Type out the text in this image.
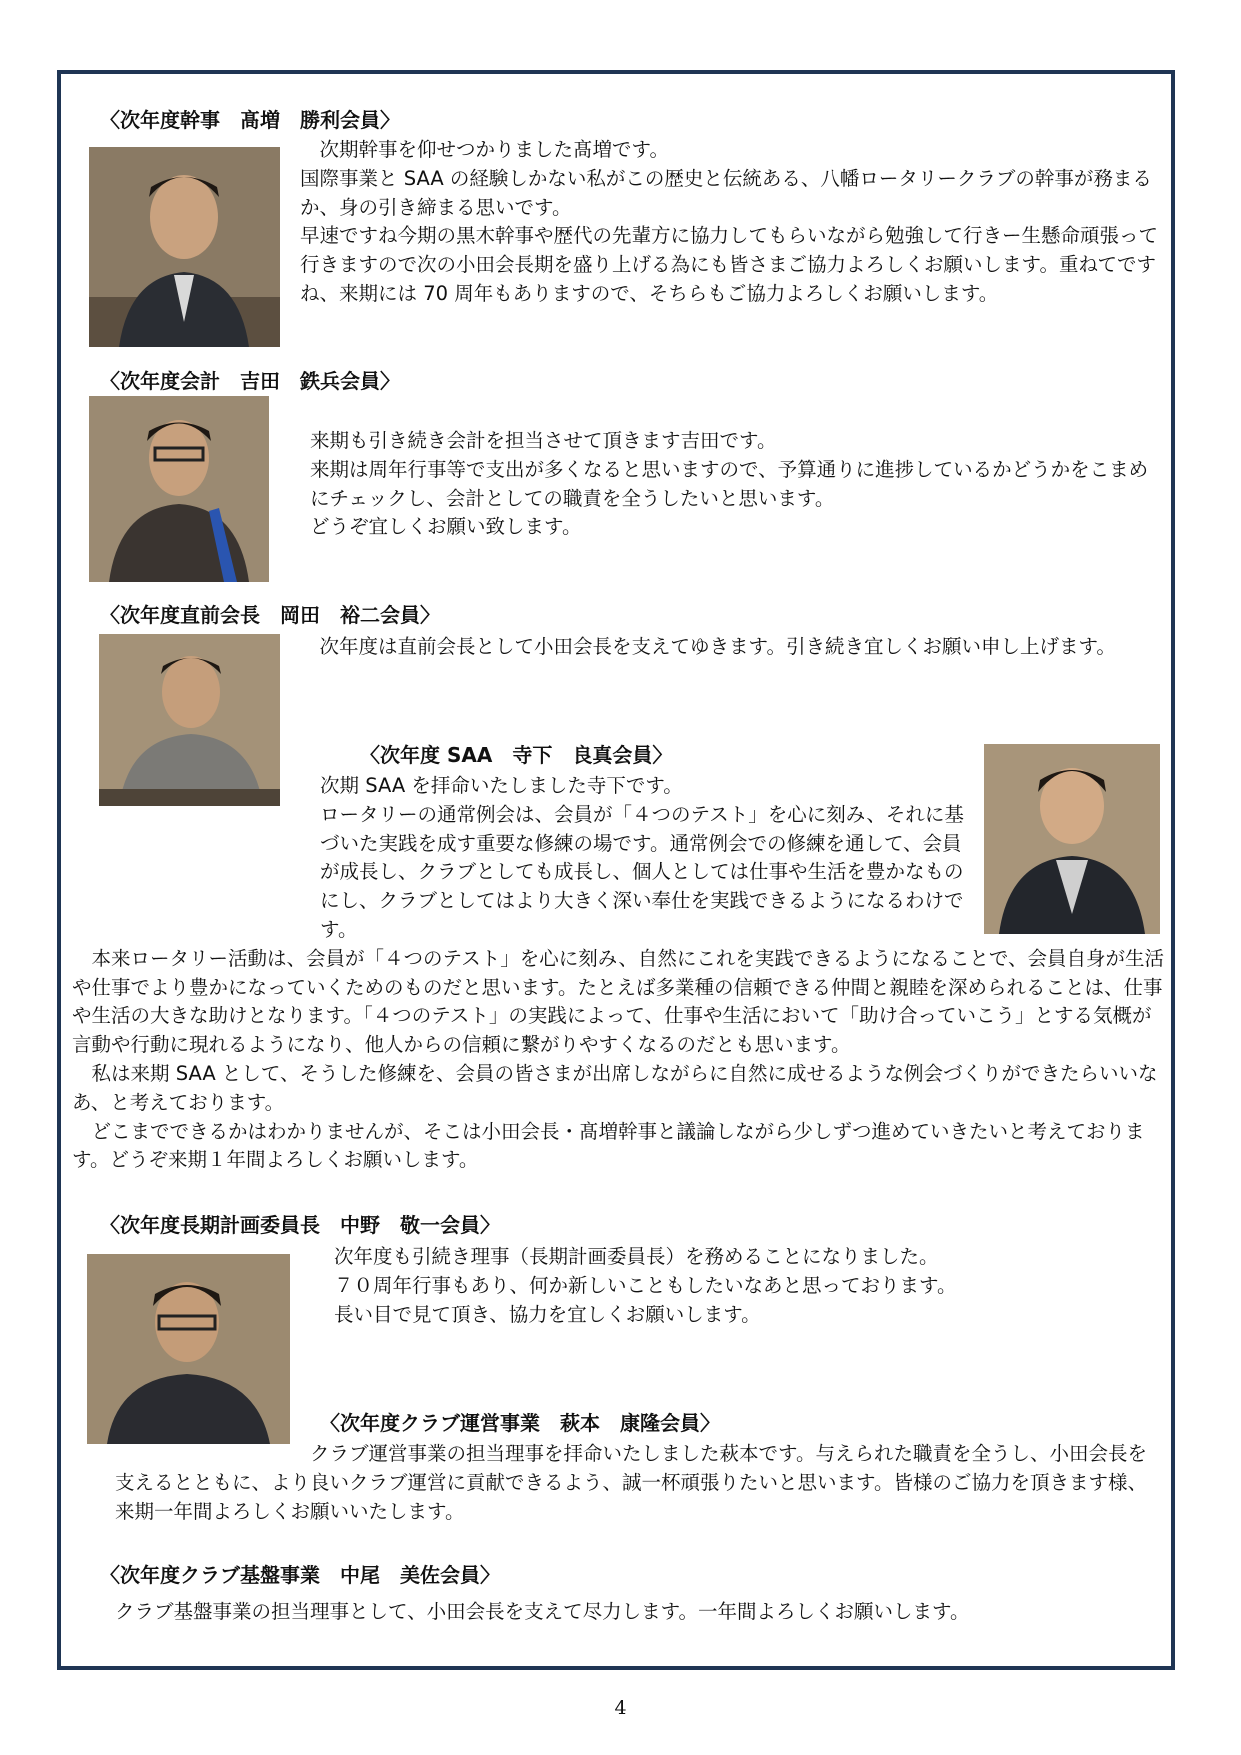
〈次年度幹事　髙増　勝利会員〉

次期幹事を仰せつかりました髙増です。

国際事業と SAA の経験しかない私がこの歴史と伝統ある、八幡ロータリークラブの幹事が務まるか、身の引き締まる思いです。

早速ですね今期の黒木幹事や歴代の先輩方に協力してもらいながら勉強して行きー生懸命頑張って行きますので次の小田会長期を盛り上げる為にも皆さまご協力よろしくお願いします。重ねてですね、来期には 70 周年もありますので、そちらもご協力よろしくお願いします。

〈次年度会計　吉田　鉄兵会員〉

来期も引き続き会計を担当させて頂きます吉田です。

来期は周年行事等で支出が多くなると思いますので、予算通りに進捗しているかどうかをこまめにチェックし、会計としての職責を全うしたいと思います。

どうぞ宜しくお願い致します。

〈次年度直前会長　岡田　裕二会員〉

次年度は直前会長として小田会長を支えてゆきます。引き続き宜しくお願い申し上げます。

〈次年度 SAA　寺下　良真会員〉

次期 SAA を拝命いたしました寺下です。

ロータリーの通常例会は、会員が「４つのテスト」を心に刻み、それに基づいた実践を成す重要な修練の場です。通常例会での修練を通して、会員が成長し、クラブとしても成長し、個人としては仕事や生活を豊かなものにし、クラブとしてはより大きく深い奉仕を実践できるようになるわけです。

本来ロータリー活動は、会員が「４つのテスト」を心に刻み、自然にこれを実践できるようになることで、会員自身が生活や仕事でより豊かになっていくためのものだと思います。たとえば多業種の信頼できる仲間と親睦を深められることは、仕事や生活の大きな助けとなります。「４つのテスト」の実践によって、仕事や生活において「助け合っていこう」とする気概が言動や行動に現れるようになり、他人からの信頼に繋がりやすくなるのだとも思います。

私は来期 SAA として、そうした修練を、会員の皆さまが出席しながらに自然に成せるような例会づくりができたらいいなあ、と考えております。

どこまでできるかはわかりませんが、そこは小田会長・髙増幹事と議論しながら少しずつ進めていきたいと考えております。どうぞ来期１年間よろしくお願いします。

〈次年度長期計画委員長　中野　敬一会員〉

次年度も引続き理事（長期計画委員長）を務めることになりました。

７０周年行事もあり、何か新しいこともしたいなあと思っております。

長い目で見て頂き、協力を宜しくお願いします。

〈次年度クラブ運営事業　萩本　康隆会員〉

クラブ運営事業の担当理事を拝命いたしました萩本です。与えられた職責を全うし、小田会長を支えるとともに、より良いクラブ運営に貢献できるよう、誠一杯頑張りたいと思います。皆様のご協力を頂きます様、来期一年間よろしくお願いいたします。

〈次年度クラブ基盤事業　中尾　美佐会員〉

クラブ基盤事業の担当理事として、小田会長を支えて尽力します。一年間よろしくお願いします。

4
